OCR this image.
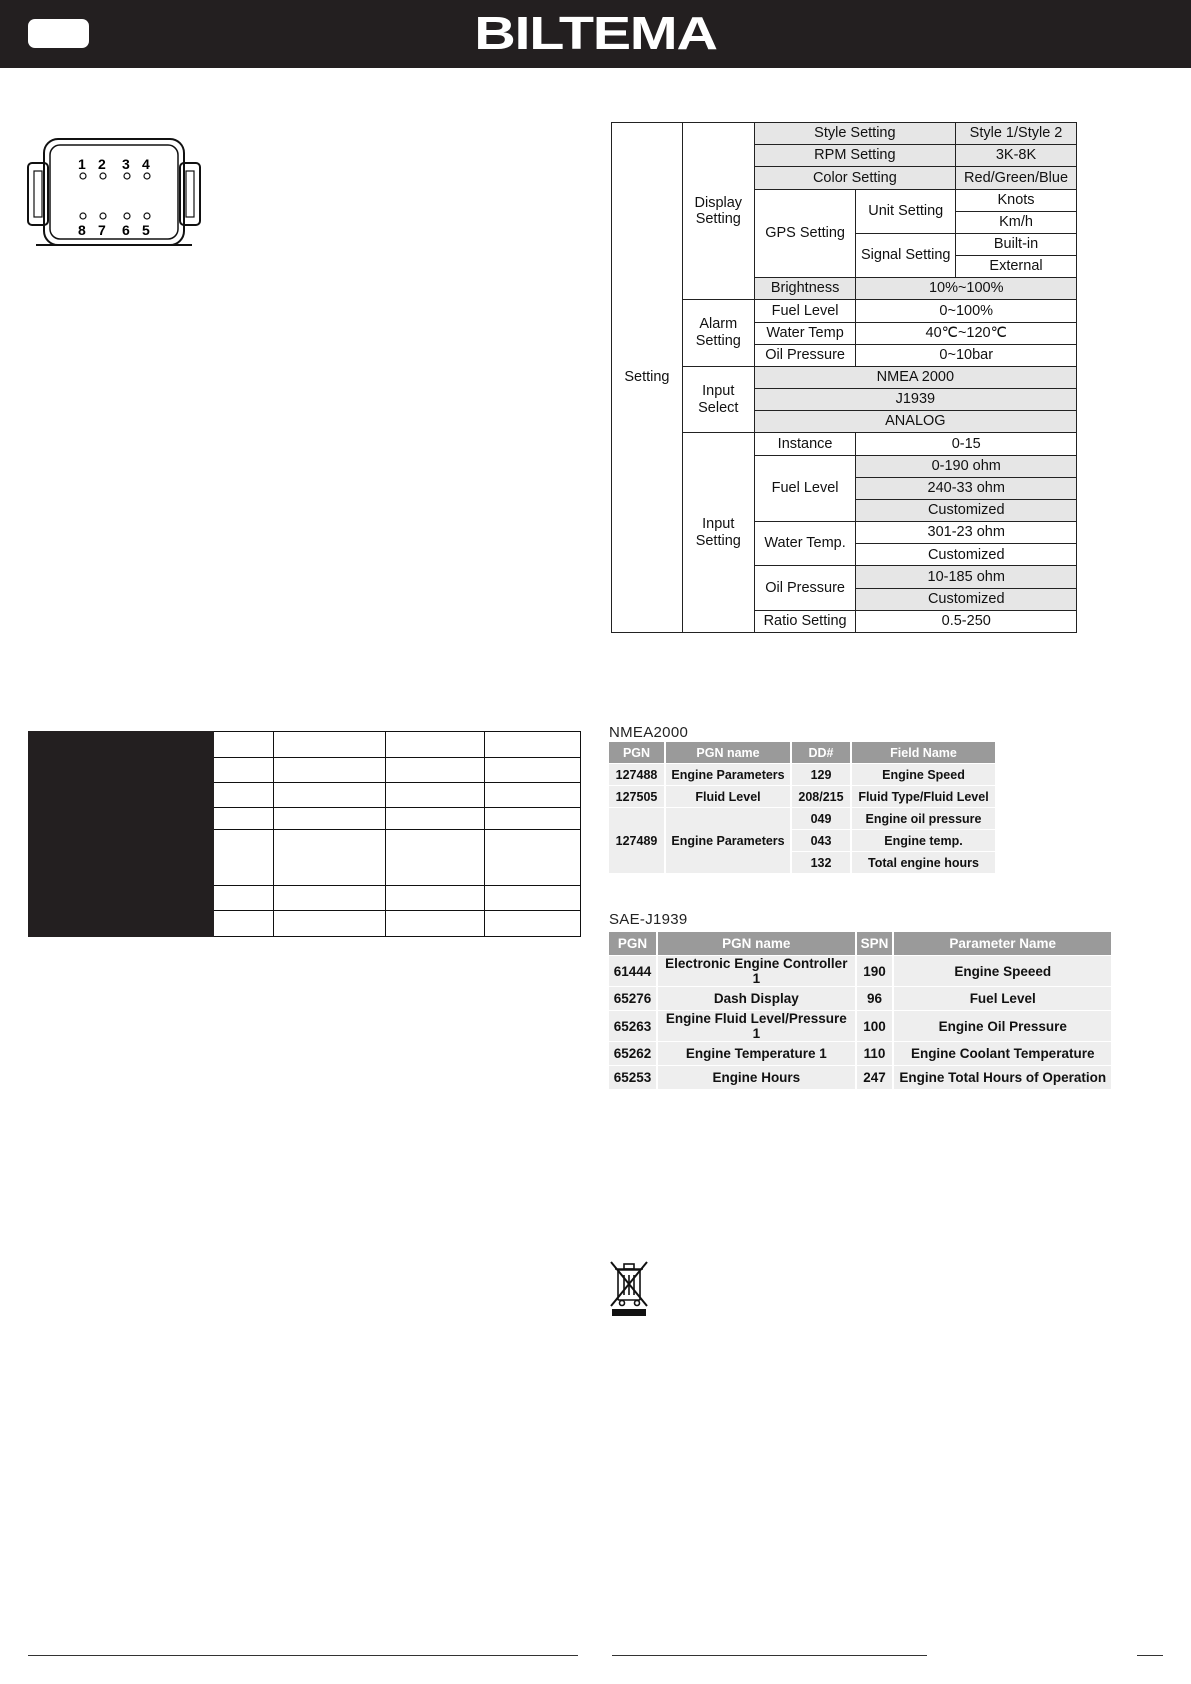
BILTEMA
1 2 3 4
8 7 6 5
Setting	Display Setting	Style Setting		Style 1/Style 2
		RPM Setting		3K-8K
		Color Setting		Red/Green/Blue
		GPS Setting	Unit Setting	Knots
				Km/h
			Signal Setting	Built-in
				External
		Brightness	10%~100%	
	Alarm Setting	Fuel Level	0~100%	
		Water Temp	40℃~120℃	
		Oil Pressure	0~10bar	
	Input Select	NMEA 2000		
		J1939		
		ANALOG		
	Input Setting	Instance	0-15	
		Fuel Level	0-190 ohm	
			240-33 ohm	
			Customized	
		Water Temp.	301-23 ohm	
			Customized	
		Oil Pressure	10-185 ohm	
			Customized	
		Ratio Setting	0.5-250	

NMEA2000
PGN	PGN name	DD#	Field Name
127488	Engine Parameters	129	Engine Speed
127505	Fluid Level	208/215	Fluid Type/Fluid Level
127489	Engine Parameters	049	Engine oil pressure
		043	Engine temp.
		132	Total engine hours
SAE-J1939
PGN	PGN name	SPN	Parameter Name
61444	Electronic Engine Controller 1	190	Engine Speeed
65276	Dash Display	96	Fuel Level
65263	Engine Fluid Level/Pressure 1	100	Engine Oil Pressure
65262	Engine Temperature 1	110	Engine Coolant Temperature
65253	Engine Hours	247	Engine Total Hours of Operation
